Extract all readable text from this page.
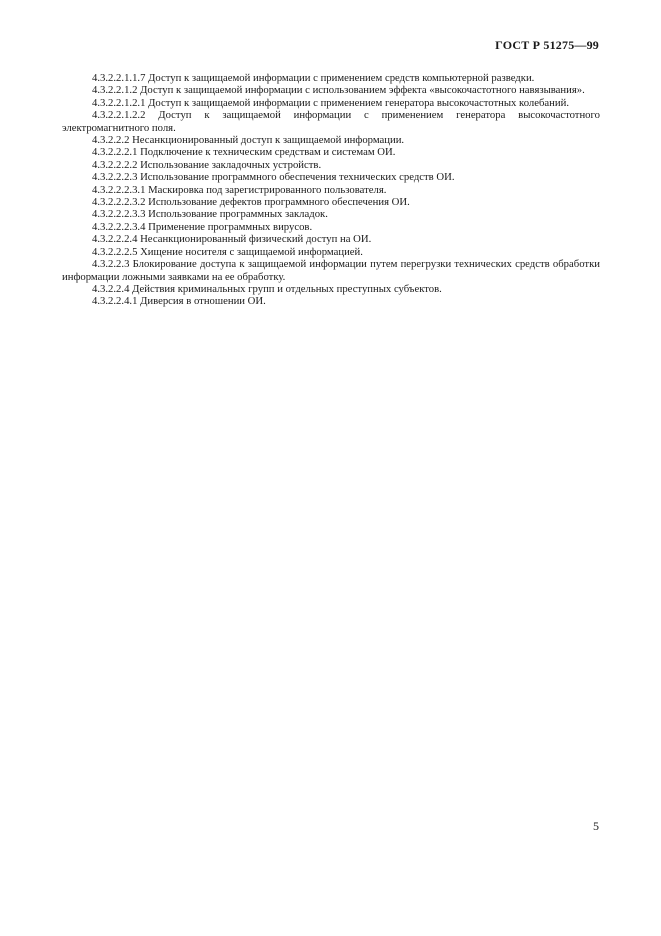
ГОСТ Р 51275—99

4.3.2.2.1.1.7 Доступ к защищаемой информации с применением средств компьютерной разведки.

4.3.2.2.1.2 Доступ к защищаемой информации с использованием эффекта «высокочастотного навязывания».

4.3.2.2.1.2.1 Доступ к защищаемой информации с применением генератора высокочастотных колебаний.

4.3.2.2.1.2.2 Доступ к защищаемой информации с применением генератора высокочастотного электромагнитного поля.

4.3.2.2.2 Несанкционированный доступ к защищаемой информации.

4.3.2.2.2.1 Подключение к техническим средствам и системам ОИ.

4.3.2.2.2.2 Использование закладочных устройств.

4.3.2.2.2.3 Использование программного обеспечения технических средств ОИ.

4.3.2.2.2.3.1 Маскировка под зарегистрированного пользователя.

4.3.2.2.2.3.2 Использование дефектов программного обеспечения ОИ.

4.3.2.2.2.3.3 Использование программных закладок.

4.3.2.2.2.3.4 Применение программных вирусов.

4.3.2.2.2.4 Несанкционированный физический доступ на ОИ.

4.3.2.2.2.5 Хищение носителя с защищаемой информацией.

4.3.2.2.3 Блокирование доступа к защищаемой информации путем перегрузки технических средств обработки информации ложными заявками на ее обработку.

4.3.2.2.4 Действия криминальных групп и отдельных преступных субъектов.

4.3.2.2.4.1 Диверсия в отношении ОИ.

5
